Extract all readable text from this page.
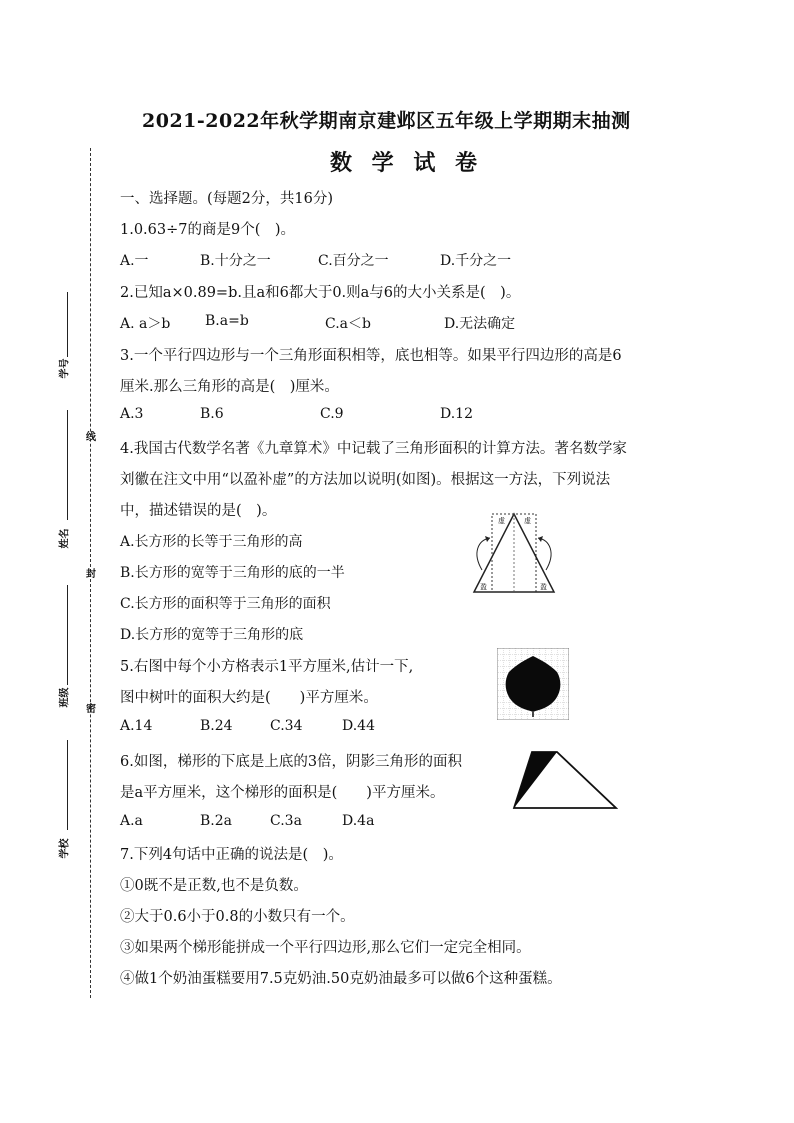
2021-2022年秋学期南京建邺区五年级上学期期末抽测
数 学 试 卷
学号
姓名
班级
学校
线
封
密
一、选择题。(每题2分，共16分)
1.0.63÷7的商是9个(　)。
A.一	B.十分之一	C.百分之一	D.千分之一
2.已知a×0.89=b.且a和6都大于0.则a与6的大小关系是(　)。
A. a＞b B.a=b	C.a＜b	D.无法确定
3.一个平行四边形与一个三角形面积相等，底也相等。如果平行四边形的高是6
厘米.那么三角形的高是(　)厘米。
A.3	B.6	C.9	D.12
4.我国古代数学名著《九章算术》中记载了三角形面积的计算方法。著名数学家
刘徽在注文中用“以盈补虚”的方法加以说明(如图)。根据这一方法，下列说法
中，描述错误的是(　)。
A.长方形的长等于三角形的高
B.长方形的宽等于三角形的底的一半
C.长方形的面积等于三角形的面积
D.长方形的宽等于三角形的底
虚	虚
盈	盈
5.右图中每个小方格表示1平方厘米,估计一下,
图中树叶的面积大约是(　　)平方厘米。
A.14	B.24	C.34	D.44
6.如图，梯形的下底是上底的3倍，阴影三角形的面积
是a平方厘米，这个梯形的面积是(　　)平方厘米。
A.a	B.2a	C.3a	D.4a
7.下列4句话中正确的说法是(　)。
①0既不是正数,也不是负数。
②大于0.6小于0.8的小数只有一个。
③如果两个梯形能拼成一个平行四边形,那么它们一定完全相同。
④做1个奶油蛋糕要用7.5克奶油.50克奶油最多可以做6个这种蛋糕。
